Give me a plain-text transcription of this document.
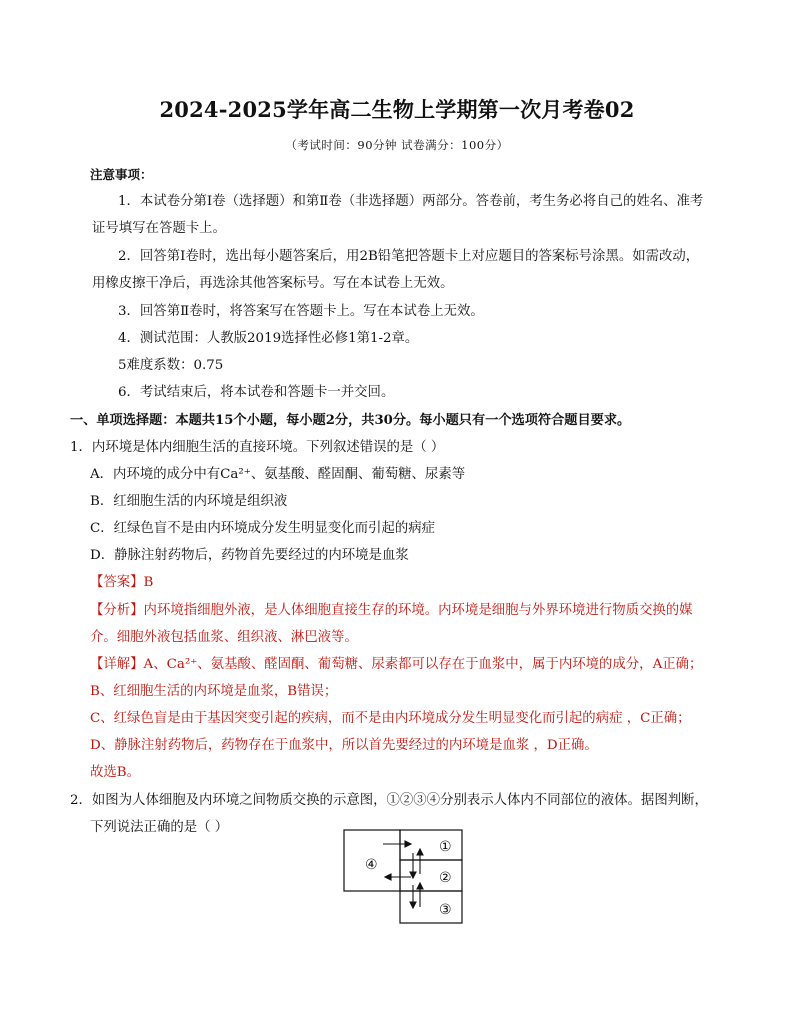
2024-2025学年高二生物上学期第一次月考卷02
（考试时间：90分钟 试卷满分：100分）
注意事项：
1．本试卷分第Ⅰ卷（选择题）和第Ⅱ卷（非选择题）两部分。答卷前，考生务必将自己的姓名、准考
证号填写在答题卡上。
2．回答第Ⅰ卷时，选出每小题答案后，用2B铅笔把答题卡上对应题目的答案标号涂黑。如需改动，
用橡皮擦干净后，再选涂其他答案标号。写在本试卷上无效。
3．回答第Ⅱ卷时，将答案写在答题卡上。写在本试卷上无效。
4．测试范围：人教版2019选择性必修1第1-2章。
5难度系数：0.75
6．考试结束后，将本试卷和答题卡一并交回。
一、单项选择题：本题共15个小题，每小题2分，共30分。每小题只有一个选项符合题目要求。
1．内环境是体内细胞生活的直接环境。下列叙述错误的是（ ）
A．内环境的成分中有Ca²⁺、氨基酸、醛固酮、葡萄糖、尿素等
B．红细胞生活的内环境是组织液
C．红绿色盲不是由内环境成分发生明显变化而引起的病症
D．静脉注射药物后，药物首先要经过的内环境是血浆
【答案】B
【分析】内环境指细胞外液，是人体细胞直接生存的环境。内环境是细胞与外界环境进行物质交换的媒
介。细胞外液包括血浆、组织液、淋巴液等。
【详解】A、Ca²⁺、氨基酸、醛固酮、葡萄糖、尿素都可以存在于血浆中，属于内环境的成分，A正确；
B、红细胞生活的内环境是血浆，B错误；
C、红绿色盲是由于基因突变引起的疾病，而不是由内环境成分发生明显变化而引起的病症 ，C正确；
D、静脉注射药物后，药物存在于血浆中，所以首先要经过的内环境是血浆 ，D正确。
故选B。
2．如图为人体细胞及内环境之间物质交换的示意图，①②③④分别表示人体内不同部位的液体。据图判断，
下列说法正确的是（ ）
④
①
②
③
